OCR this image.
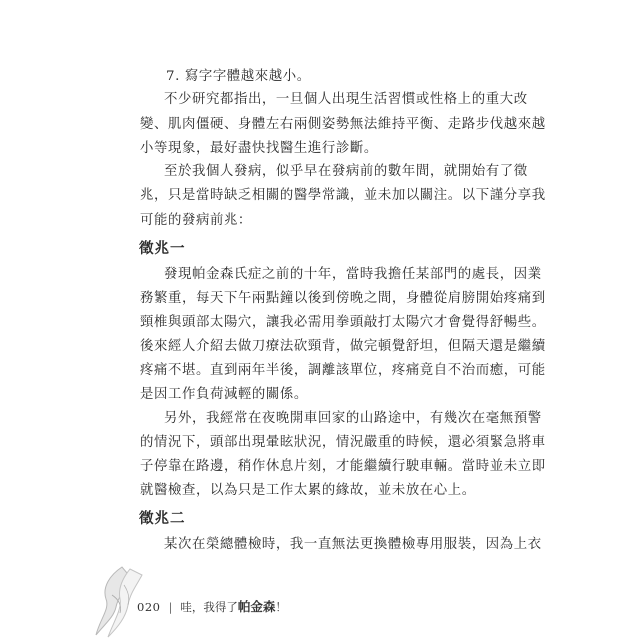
7. 寫字字體越來越小。
不少研究都指出，一旦個人出現生活習慣或性格上的重大改
變、肌肉僵硬、身體左右兩側姿勢無法維持平衡、走路步伐越來越
小等現象，最好盡快找醫生進行診斷。
至於我個人發病，似乎早在發病前的數年間，就開始有了徵
兆，只是當時缺乏相關的醫學常識，並未加以關注。以下謹分享我
可能的發病前兆：
徵兆一
發現帕金森氏症之前的十年，當時我擔任某部門的處長，因業
務繁重，每天下午兩點鐘以後到傍晚之間，身體從肩膀開始疼痛到
頸椎與頭部太陽穴，讓我必需用拳頭敲打太陽穴才會覺得舒暢些。
後來經人介紹去做刀療法砍頸背，做完頓覺舒坦，但隔天還是繼續
疼痛不堪。直到兩年半後，調離該單位，疼痛竟自不治而癒，可能
是因工作負荷減輕的關係。
另外，我經常在夜晚開車回家的山路途中，有幾次在毫無預警
的情況下，頭部出現暈眩狀況，情況嚴重的時候，還必須緊急將車
子停靠在路邊，稍作休息片刻，才能繼續行駛車輛。當時並未立即
就醫檢查，以為只是工作太累的緣故，並未放在心上。
徵兆二
某次在榮總體檢時，我一直無法更換體檢專用服裝，因為上衣
020 | 哇，我得了帕金森！
